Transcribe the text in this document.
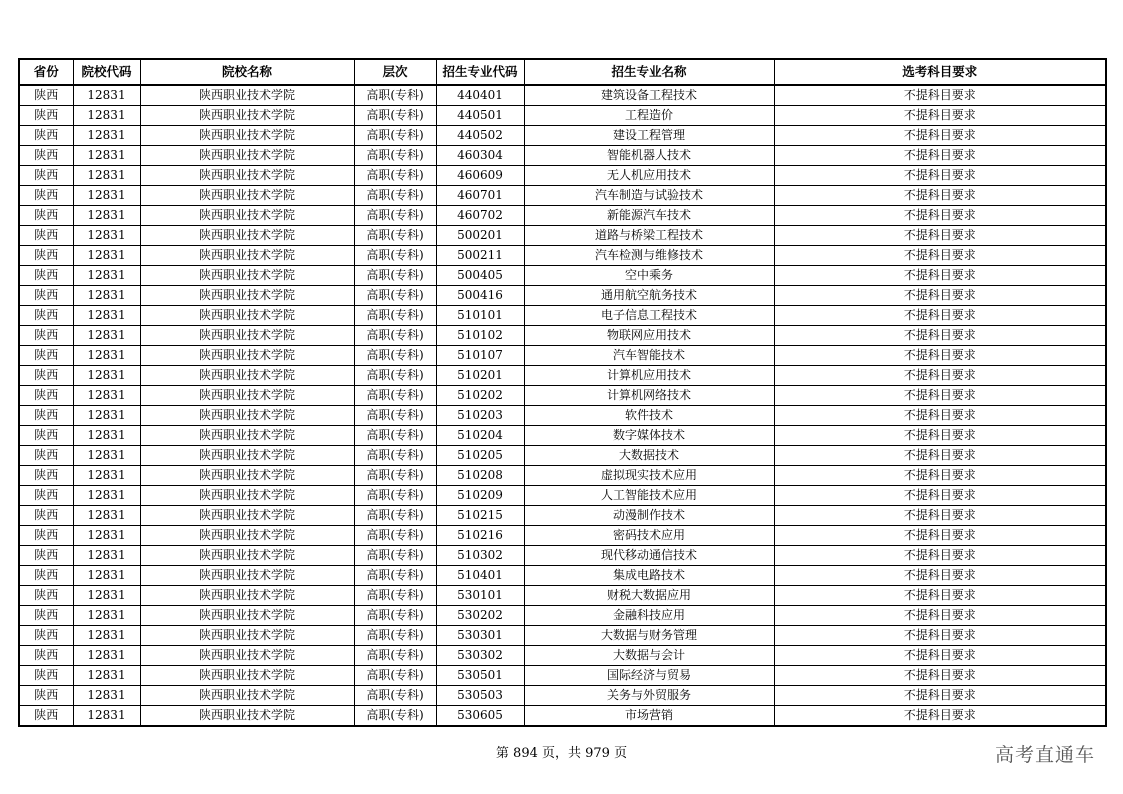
省份	院校代码	院校名称	层次	招生专业代码	招生专业名称	选考科目要求
陕西	12831	陕西职业技术学院	高职(专科)	440401	建筑设备工程技术	不提科目要求
陕西	12831	陕西职业技术学院	高职(专科)	440501	工程造价	不提科目要求
陕西	12831	陕西职业技术学院	高职(专科)	440502	建设工程管理	不提科目要求
陕西	12831	陕西职业技术学院	高职(专科)	460304	智能机器人技术	不提科目要求
陕西	12831	陕西职业技术学院	高职(专科)	460609	无人机应用技术	不提科目要求
陕西	12831	陕西职业技术学院	高职(专科)	460701	汽车制造与试验技术	不提科目要求
陕西	12831	陕西职业技术学院	高职(专科)	460702	新能源汽车技术	不提科目要求
陕西	12831	陕西职业技术学院	高职(专科)	500201	道路与桥梁工程技术	不提科目要求
陕西	12831	陕西职业技术学院	高职(专科)	500211	汽车检测与维修技术	不提科目要求
陕西	12831	陕西职业技术学院	高职(专科)	500405	空中乘务	不提科目要求
陕西	12831	陕西职业技术学院	高职(专科)	500416	通用航空航务技术	不提科目要求
陕西	12831	陕西职业技术学院	高职(专科)	510101	电子信息工程技术	不提科目要求
陕西	12831	陕西职业技术学院	高职(专科)	510102	物联网应用技术	不提科目要求
陕西	12831	陕西职业技术学院	高职(专科)	510107	汽车智能技术	不提科目要求
陕西	12831	陕西职业技术学院	高职(专科)	510201	计算机应用技术	不提科目要求
陕西	12831	陕西职业技术学院	高职(专科)	510202	计算机网络技术	不提科目要求
陕西	12831	陕西职业技术学院	高职(专科)	510203	软件技术	不提科目要求
陕西	12831	陕西职业技术学院	高职(专科)	510204	数字媒体技术	不提科目要求
陕西	12831	陕西职业技术学院	高职(专科)	510205	大数据技术	不提科目要求
陕西	12831	陕西职业技术学院	高职(专科)	510208	虚拟现实技术应用	不提科目要求
陕西	12831	陕西职业技术学院	高职(专科)	510209	人工智能技术应用	不提科目要求
陕西	12831	陕西职业技术学院	高职(专科)	510215	动漫制作技术	不提科目要求
陕西	12831	陕西职业技术学院	高职(专科)	510216	密码技术应用	不提科目要求
陕西	12831	陕西职业技术学院	高职(专科)	510302	现代移动通信技术	不提科目要求
陕西	12831	陕西职业技术学院	高职(专科)	510401	集成电路技术	不提科目要求
陕西	12831	陕西职业技术学院	高职(专科)	530101	财税大数据应用	不提科目要求
陕西	12831	陕西职业技术学院	高职(专科)	530202	金融科技应用	不提科目要求
陕西	12831	陕西职业技术学院	高职(专科)	530301	大数据与财务管理	不提科目要求
陕西	12831	陕西职业技术学院	高职(专科)	530302	大数据与会计	不提科目要求
陕西	12831	陕西职业技术学院	高职(专科)	530501	国际经济与贸易	不提科目要求
陕西	12831	陕西职业技术学院	高职(专科)	530503	关务与外贸服务	不提科目要求
陕西	12831	陕西职业技术学院	高职(专科)	530605	市场营销	不提科目要求
第 894 页，共 979 页	高考直通车
